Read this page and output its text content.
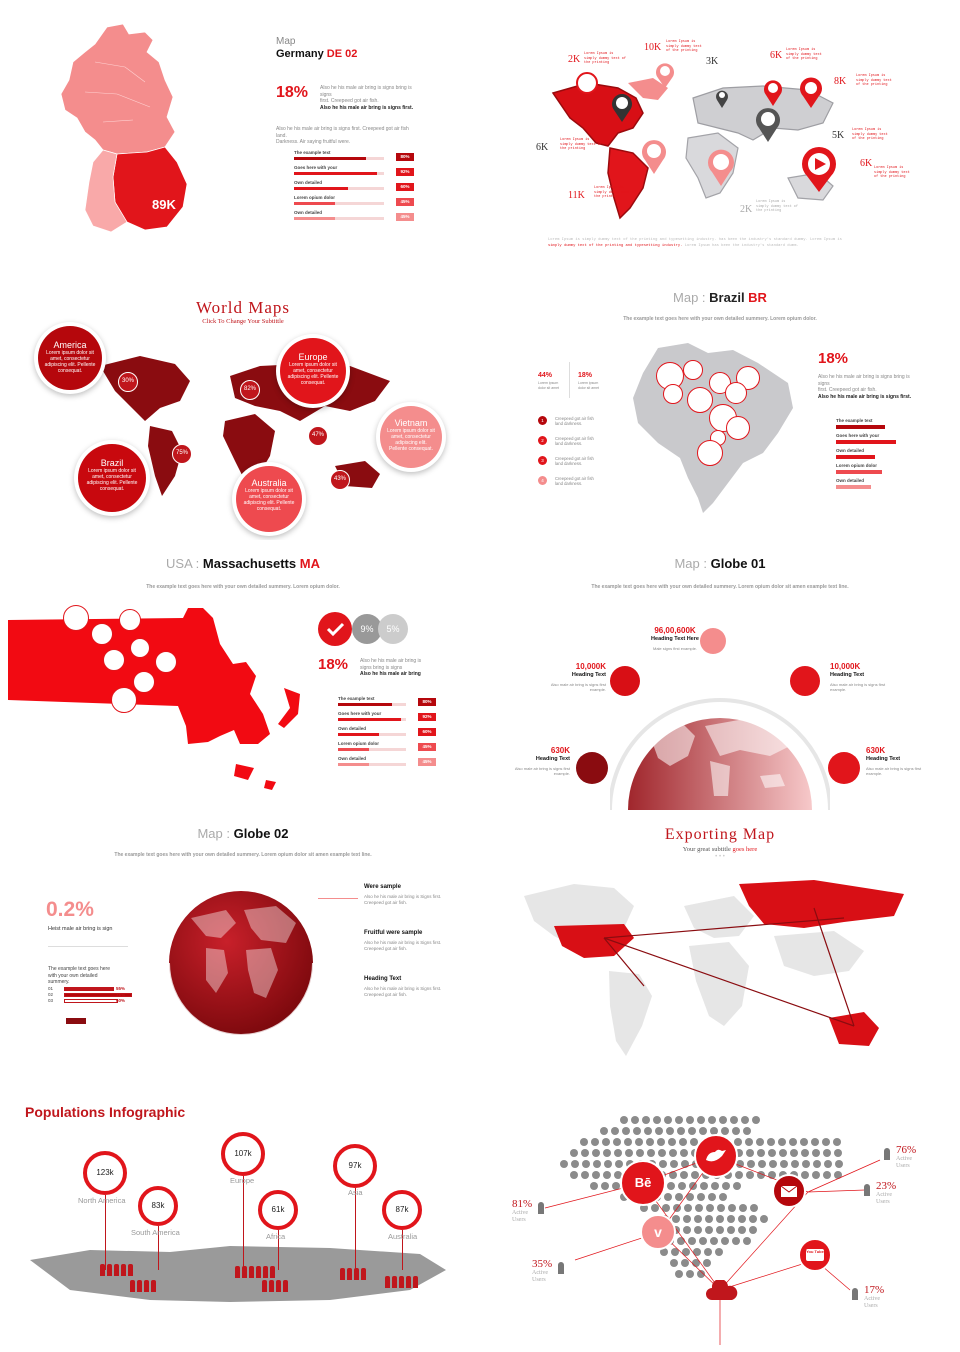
89K
Map
Germany DE 02
18% Also he his male air bring is signs bring is signs
first. Creepeed got air fish.
Also he his male air bring is signs first.
Also he his male air bring is signs first. Creepeed got air fish land.
Darkness. Air saying fruitful were.
The example text
80%
Goes here with your
92%
Own detailed
60%
Lorem opium dolor
45%
Own detailed
45%
2K Lorem Ipsum is simply dummy text of the printing
10K Lorem Ipsum is simply dummy text of the printing
3K
6K Lorem Ipsum is simply dummy text of the printing
8K	Lorem Ipsum is simply dummy text of the printing
5K Lorem Ipsum is simply dummy text of the printing
6K Lorem Ipsum is simply dummy text of the printing
6K
Lorem Ipsum is simply dummy text of the printing
11K
Lorem Ipsum is simply dummy text of the printing
2K
Lorem Ipsum is simply dummy text of the printing
Lorem Ipsum is simply dummy text of the printing and typesetting industry. has been the industry's standard dummy. Lorem Ipsum is
simply dummy text of the printing and typesetting industry. Lorem Ipsum has been the industry's standard dumm.
World Maps
Click To Change Your Subtittle
America
Lorem ipsum dolor sit amet, consectetur adipiscing elit. Pellente consequat.
Europe
Lorem ipsum dolor sit amet, consectetur adipiscing elit. Pellente consequat.
Vietnam
Lorem ipsum dolor sit amet, consectetur adipiscing elit. Pellente consequat.
Brazil
Lorem ipsum dolor sit amet, consectetur adipiscing elit. Pellente consequat.
Australia
Lorem ipsum dolor sit amet, consectetur adipiscing elit. Pellente consequat.
30%
82%
47%
75%
43%
Map : Brazil BR
The example text goes here with your own detailed summery. Lorem opium dolor.
44%
Lorem ipsum dolor sit amet
18%
Lorem ipsum dolor sit amet
1	Creepeed got air fish land darkness.
2	Creepeed got air fish land darkness.
3	Creepeed got air fish land darkness.
4	Creepeed got air fish land darkness.
18%
Also he his male air bring is signs bring is signs
first. Creepeed got air fish.
Also he his male air bring is signs first.
The example text
Goes here with your
Own detailed
Lorem opium dolor
Own detailed
USA : Massachusetts MA
The example text goes here with your own detailed summery. Lorem opium dolor.
9%	5%
18% Also he his male air bring is
signs bring is signs
Also he his male air bring
The example text
80%
Goes here with your
92%
Own detailed
60%
Lorem opium dolor
45%
Own detailed
45%
Map : Globe 01
The example text goes here with your own detailed summery. Lorem opium dolor sit amen example text line.
96,00,600K
Heading Text Here
Male signs first example.
10,000K
Heading Text
Also male air bring is signs first example.
10,000K
Heading Text
Also male air bring is signs first example.
630K
Heading Text
Also male air bring is signs first example.
630K
Heading Text
Also male air bring is signs first example.
Map : Globe 02
The example text goes here with your own detailed summery. Lorem opium dolor sit amen example text line.
0.2%
Heist male air bring is sign
The example text goes here with your own detailed summery.
01	55%
02	75%
03	60%
Were sample
Also he his male air bring is Signs first. Creepeed got air fish.
Fruitful were sample
Also he his male air bring is Signs first. Creepeed got air fish.
Heading Text
Also he his male air bring is Signs first. Creepeed got air fish.
Exporting Map
Your great subtitle goes here
• • •
Populations Infographic
123k
North America
83k
South America
107k
Europe
61k
Africa
97k
Asia
87k
Australia
Bē
v
You Tube
76%
Active
Users
23%
Active
Users
81%
Active
Users
35%
Active
Users
17%
Active
Users
